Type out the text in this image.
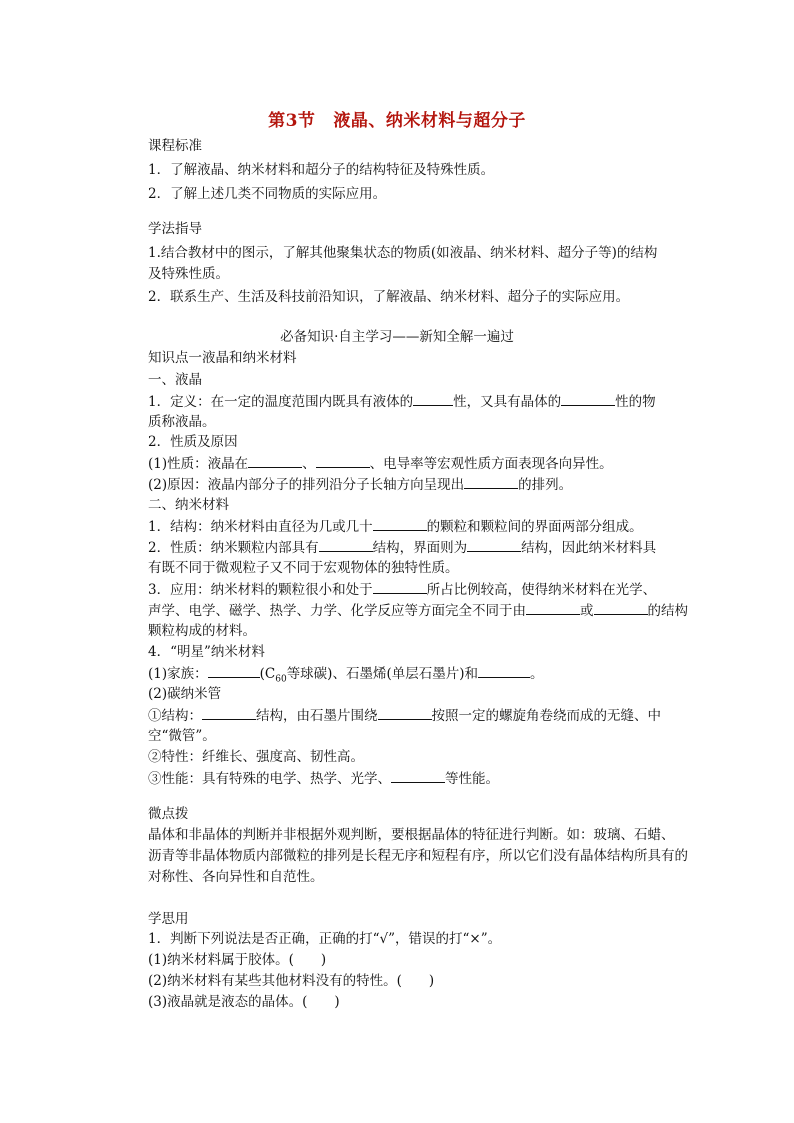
第3节 液晶、纳米材料与超分子
课程标准
1．了解液晶、纳米材料和超分子的结构特征及特殊性质。
2．了解上述几类不同物质的实际应用。
学法指导
1.结合教材中的图示，了解其他聚集状态的物质(如液晶、纳米材料、超分子等)的结构
及特殊性质。
2．联系生产、生活及科技前沿知识，了解液晶、纳米材料、超分子的实际应用。
必备知识·自主学习——新知全解一遍过
知识点一液晶和纳米材料
一、液晶
1．定义：在一定的温度范围内既具有液体的	性，又具有晶体的	性的物
质称液晶。
2．性质及原因
(1)性质：液晶在	、	、电导率等宏观性质方面表现各向异性。
(2)原因：液晶内部分子的排列沿分子长轴方向呈现出	的排列。
二、纳米材料
1．结构：纳米材料由直径为几或几十	的颗粒和颗粒间的界面两部分组成。
2．性质：纳米颗粒内部具有	结构，界面则为	结构，因此纳米材料具
有既不同于微观粒子又不同于宏观物体的独特性质。
3．应用：纳米材料的颗粒很小和处于	所占比例较高，使得纳米材料在光学、
声学、电学、磁学、热学、力学、化学反应等方面完全不同于由	或	的结构
颗粒构成的材料。
4．“明星”纳米材料
(1)家族：	($C_{60}$等球碳)、石墨烯(单层石墨片)和	。
(2)碳纳米管
①结构：	结构，由石墨片围绕	按照一定的螺旋角卷绕而成的无缝、中
空“微管”。
②特性：纤维长、强度高、韧性高。
③性能：具有特殊的电学、热学、光学、	等性能。
微点拨
晶体和非晶体的判断并非根据外观判断，要根据晶体的特征进行判断。如：玻璃、石蜡、
沥青等非晶体物质内部微粒的排列是长程无序和短程有序，所以它们没有晶体结构所具有的
对称性、各向异性和自范性。
学思用
1．判断下列说法是否正确，正确的打“√”，错误的打“×”。
(1)纳米材料属于胶体。(　　)
(2)纳米材料有某些其他材料没有的特性。(　　)
(3)液晶就是液态的晶体。(　　)
